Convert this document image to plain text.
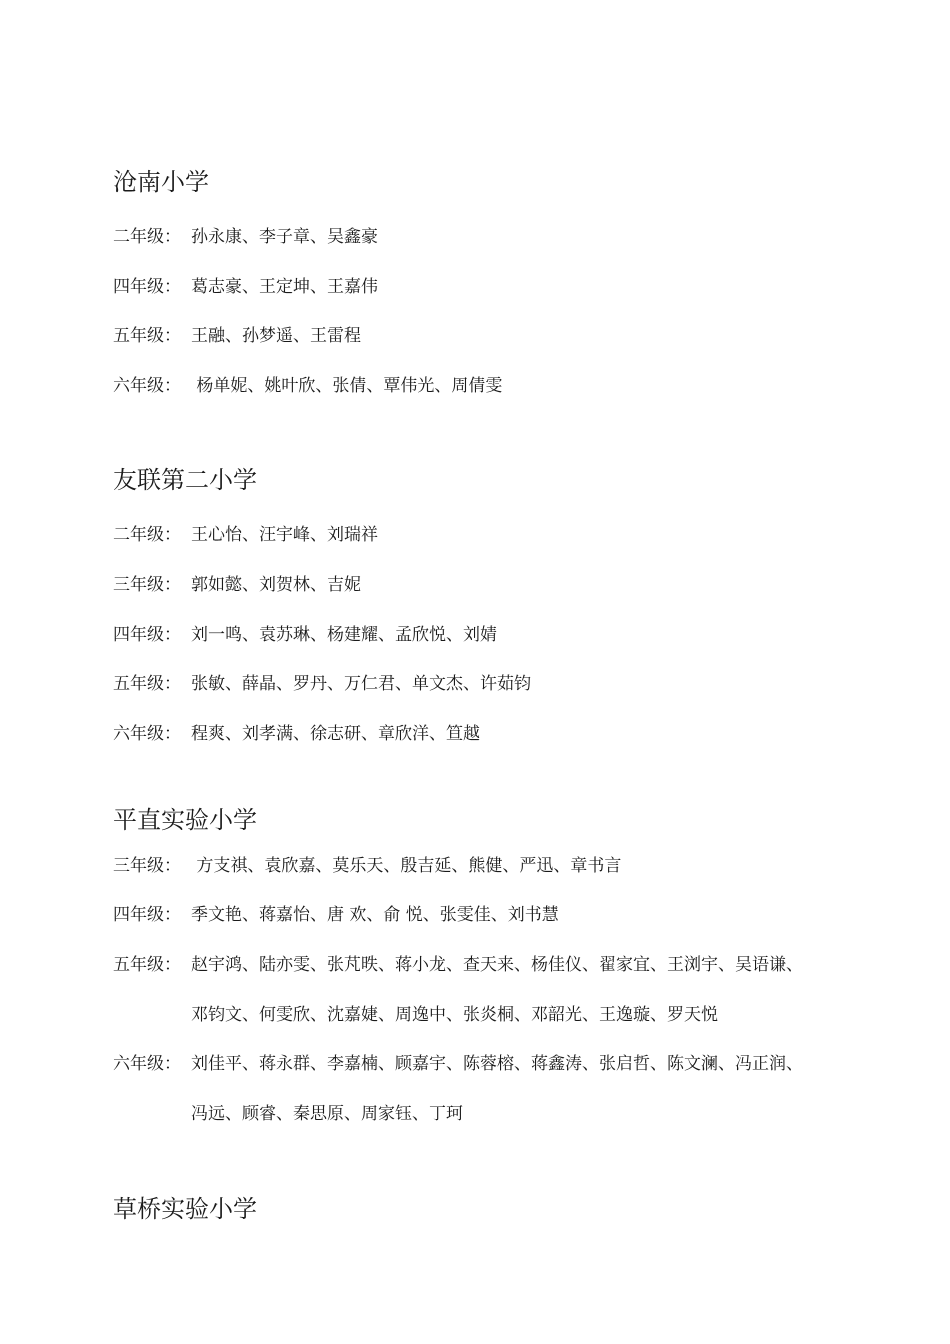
沧南小学
二年级： 孙永康、李子章、吴鑫豪
四年级： 葛志豪、王定坤、王嘉伟
五年级： 王融、孙梦遥、王雷程
六年级： 杨单妮、姚叶欣、张倩、覃伟光、周倩雯
友联第二小学
二年级： 王心怡、汪宇峰、刘瑞祥
三年级： 郭如懿、刘贺林、吉妮
四年级： 刘一鸣、袁苏琳、杨建耀、孟欣悦、刘婧
五年级： 张敏、薛晶、罗丹、万仁君、单文杰、许茹钧
六年级： 程爽、刘孝满、徐志研、章欣洋、笪越
平直实验小学
三年级： 方支祺、袁欣嘉、莫乐天、殷吉延、熊健、严迅、章书言
四年级： 季文艳、蒋嘉怡、唐 欢、俞 悦、张雯佳、刘书慧
五年级： 赵宇鸿、陆亦雯、张芃昳、蒋小龙、查天来、杨佳仪、翟家宜、王浏宇、吴语谦、
邓钧文、何雯欣、沈嘉婕、周逸中、张炎桐、邓韶光、王逸璇、罗天悦
六年级： 刘佳平、蒋永群、李嘉楠、顾嘉宇、陈蓉榕、蒋鑫涛、张启哲、陈文澜、冯正润、
冯远、顾睿、秦思原、周家钰、丁珂
草桥实验小学
